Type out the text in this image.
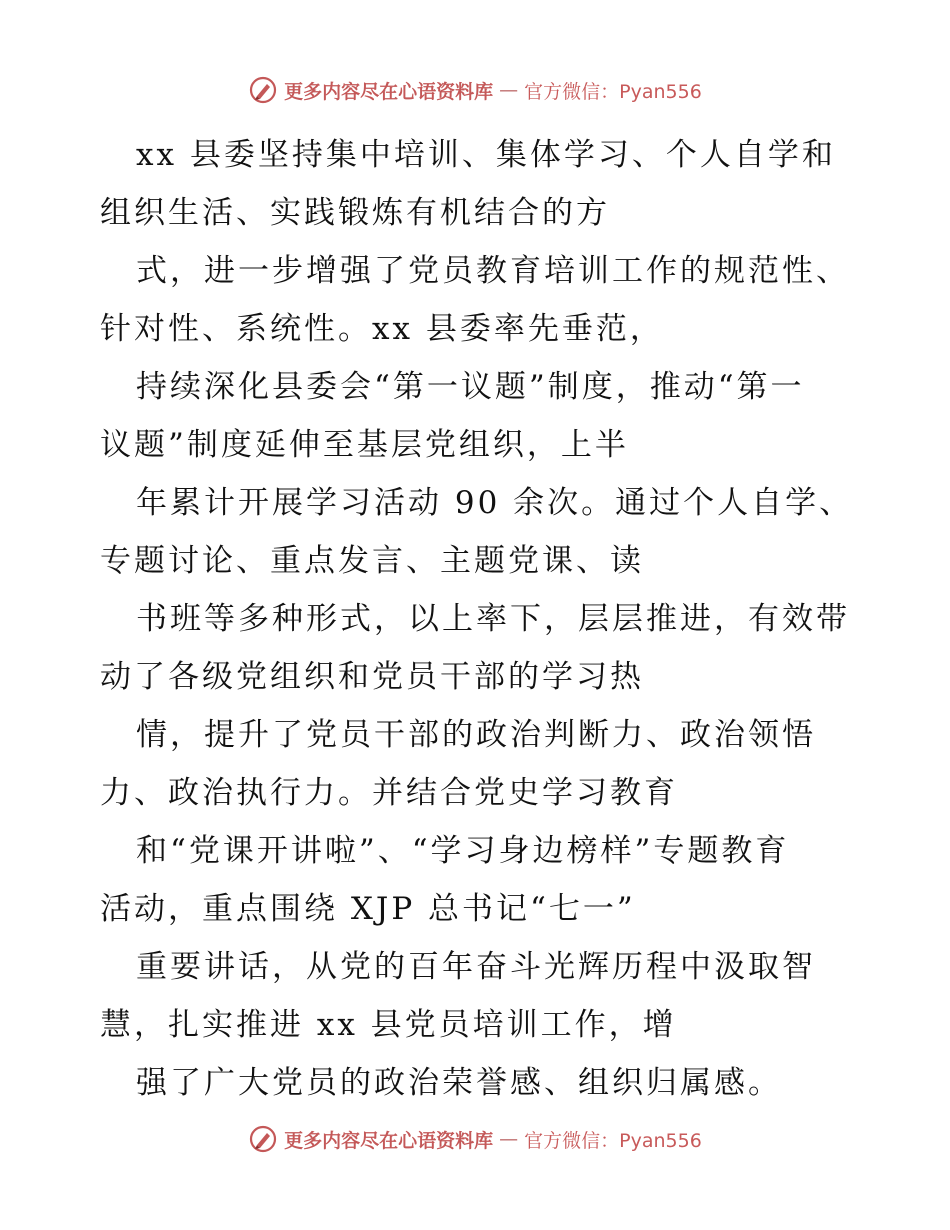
更多内容尽在心语资料库 — 官方微信：Pyan556
xx 县委坚持集中培训、集体学习、个人自学和
组织生活、实践锻炼有机结合的方
式，进一步增强了党员教育培训工作的规范性、
针对性、系统性。xx 县委率先垂范，
持续深化县委会“第一议题”制度，推动“第一
议题”制度延伸至基层党组织，上半
年累计开展学习活动 90 余次。通过个人自学、
专题讨论、重点发言、主题党课、读
书班等多种形式，以上率下，层层推进，有效带
动了各级党组织和党员干部的学习热
情，提升了党员干部的政治判断力、政治领悟
力、政治执行力。并结合党史学习教育
和“党课开讲啦”、“学习身边榜样”专题教育
活动，重点围绕 XJP 总书记“七一”
重要讲话，从党的百年奋斗光辉历程中汲取智
慧，扎实推进 xx 县党员培训工作，增
强了广大党员的政治荣誉感、组织归属感。
更多内容尽在心语资料库 — 官方微信：Pyan556
